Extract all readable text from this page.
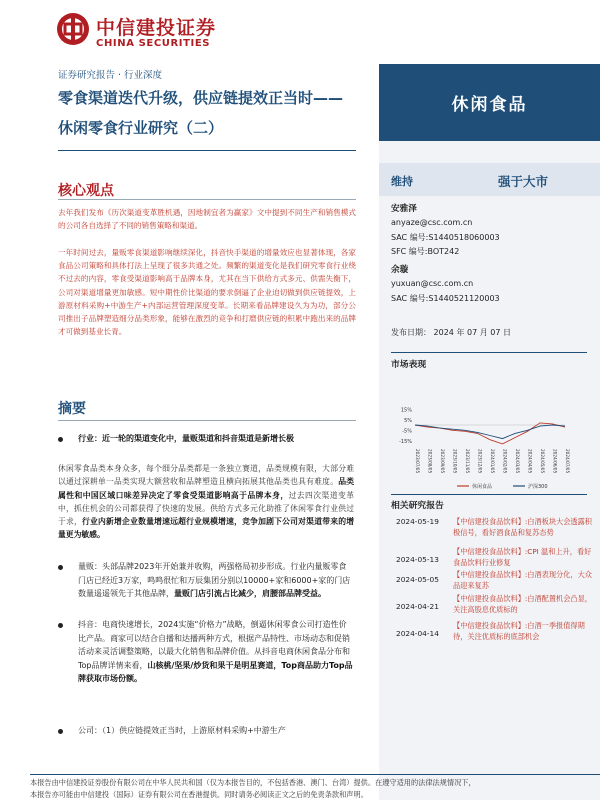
中信建投证券
CHINA SECURITIES
证券研究报告 · 行业深度
零食渠道迭代升级，供应链提效正当时——
休闲零食行业研究（二）
休闲食品
核心观点
去年我们发布《历次渠道变革胜机遇，因地制宜者为赢家》文中提到不同生产和销售模式的公司各自选择了不同的销售策略和渠道。
一年时间过去，量贩零食渠道影响继续深化，抖音快手渠道的增量效应也显著体现，各家食品公司策略和具体打法上呈现了很多共通之处。频繁的渠道变化是我们研究零食行业绕不过去的内容，零食受渠道影响高于品牌本身，尤其在当下供给方式多元、供需失衡下，公司对渠道增量更加敏感。短中期性价比渠道的要求倒逼了企业迫切做到供应链提效，上游原材料采购+中游生产+内部运营管理深度变革。长期来看品牌建设久为为功，部分公司推出子品牌塑造细分品类形象，能够在激烈的竞争和打磨供应链的积累中跑出来的品牌才可做到基业长青。
摘要
行业：近一轮的渠道变化中，量贩渠道和抖音渠道是新增长极
休闲零食品类本身众多，每个细分品类都是一条独立赛道，品类规模有限，大部分难以通过深耕单一品类实现大额营收和品牌塑造且横向拓展其他品类也具有难度。品类属性和中国区域口味差异决定了零食受渠道影响高于品牌本身，过去四次渠道变革中，抓住机会的公司都获得了快速的发展。供给方式多元化助推了休闲零食行业供过于求，行业内新增企业数量增速远超行业规模增速，竞争加剧下公司对渠道带来的增量更为敏感。
量贩：头部品牌2023年开始兼并收购，两强格局初步形成。行业内量贩零食门店已经近3万家，鸣鸣很忙和万辰集团分别以10000+家和6000+家的门店数量遥遥领先于其他品牌，量贩门店引流占比减少，肩腰部品牌受益。
抖音：电商快速增长，2024实施“价格力”战略，倒逼休闲零食公司打造性价比产品。商家可以结合自播和达播两种方式，根据产品特性、市场动态和促销活动来灵活调整策略，以最大化销售和品牌价值。从抖音电商休闲食品分布和Top品牌详情来看，山核桃/坚果/炒货和果干是明星赛道，Top商品助力Top品牌获取市场份额。
公司：（1）供应链提效正当时，上游原材料采购+中游生产
维持	强于大市
安雅泽
anyaze@csc.com.cn
SAC 编号:S1440518060003
SFC 编号:BOT242
余璇
yuxuan@csc.com.cn
SAC 编号:S1440521120003
发布日期： 2024 年 07 月 07 日
市场表现
15%
5%
-5%
-15%
2023/07/05 2023/08/05 2023/09/05 2023/10/05 2023/11/05 2023/12/05 2024/01/05 2024/02/05 2024/03/05 2024/04/05 2024/05/05 2024/06/05 2024/07/05
休闲食品	沪深300
相关研究报告
2024-05-19 【中信建投食品饮料】:白酒板块大会透露积极信号，看好酒食品和复苏态势
2024-05-13
【中信建投食品饮料】:CPI 温和上升，看好食品饮料行业修复
2024-05-05
【中信建投食品饮料】:白酒表现分化，大众品迎来复苏
2024-04-21
【中信建投食品饮料】:白酒配置机会凸显，关注高股息优质标的
2024-04-14
【中信建投食品饮料】:白酒一季报值得期待，关注优质标的底部机会
本报告由中信建投证券股份有限公司在中华人民共和国（仅为本报告目的，不包括香港、澳门、台湾）提供。在遵守适用的法律法规情况下，
本报告亦可能由中信建投（国际）证券有限公司在香港提供。同时请务必阅读正文之后的免责条款和声明。
